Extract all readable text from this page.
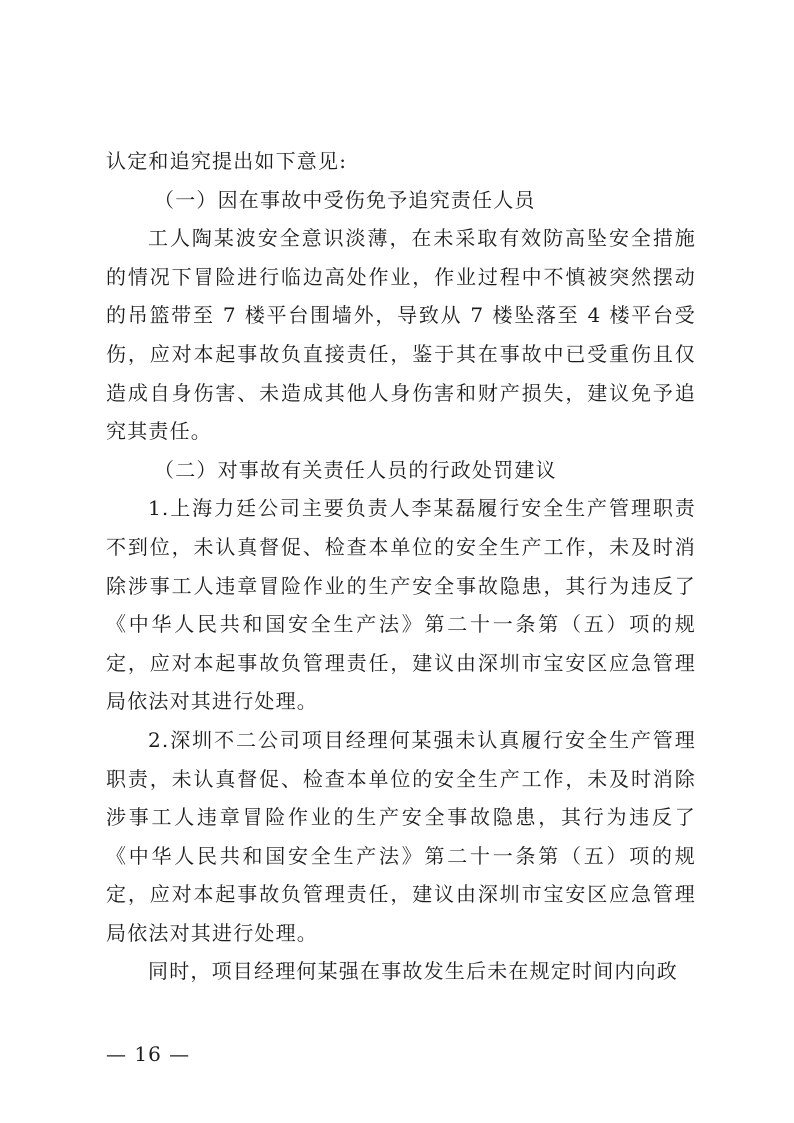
认定和追究提出如下意见:

（一）因在事故中受伤免予追究责任人员

工人陶某波安全意识淡薄，在未采取有效防高坠安全措施的情况下冒险进行临边高处作业，作业过程中不慎被突然摆动的吊篮带至 7 楼平台围墙外，导致从 7 楼坠落至 4 楼平台受伤，应对本起事故负直接责任，鉴于其在事故中已受重伤且仅造成自身伤害、未造成其他人身伤害和财产损失，建议免予追究其责任。

（二）对事故有关责任人员的行政处罚建议

1.上海力廷公司主要负责人李某磊履行安全生产管理职责不到位，未认真督促、检查本单位的安全生产工作，未及时消除涉事工人违章冒险作业的生产安全事故隐患，其行为违反了《中华人民共和国安全生产法》第二十一条第（五）项的规定，应对本起事故负管理责任，建议由深圳市宝安区应急管理局依法对其进行处理。

2.深圳不二公司项目经理何某强未认真履行安全生产管理职责，未认真督促、检查本单位的安全生产工作，未及时消除涉事工人违章冒险作业的生产安全事故隐患，其行为违反了《中华人民共和国安全生产法》第二十一条第（五）项的规定，应对本起事故负管理责任，建议由深圳市宝安区应急管理局依法对其进行处理。

同时，项目经理何某强在事故发生后未在规定时间内向政

— 16 —
